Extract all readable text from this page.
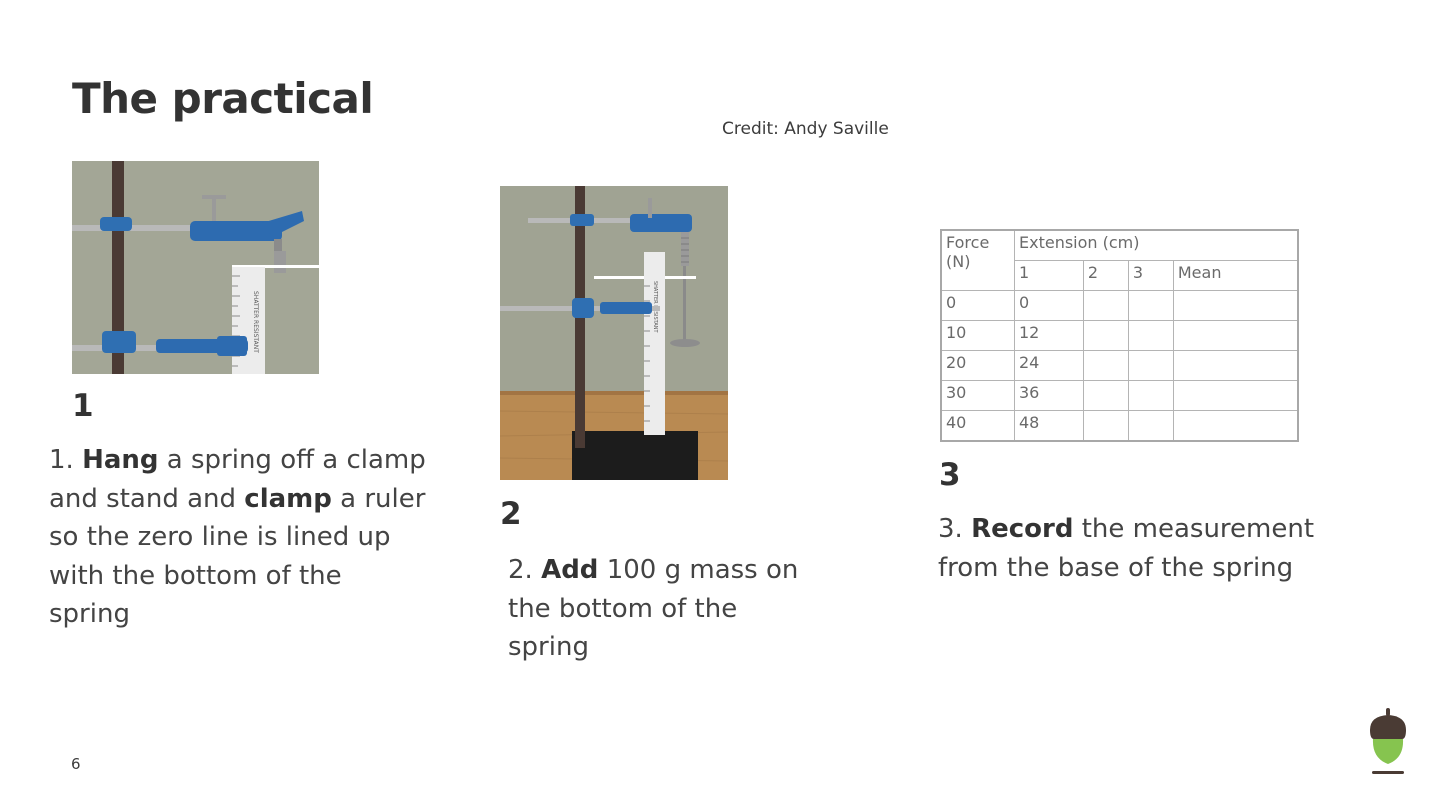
The practical
Credit: Andy Saville
SHATTER RESISTANT
1
1. Hang a spring off a clamp and stand and clamp a ruler so the zero line is lined up with the bottom of the spring
2
2. Add 100 g mass on the bottom of the spring
Force (N)	Extension (cm)			
	1	2	3	Mean
0	0			
10	12			
20	24			
30	36			
40	48			
3
3. Record the measurement from the base of the spring
6
